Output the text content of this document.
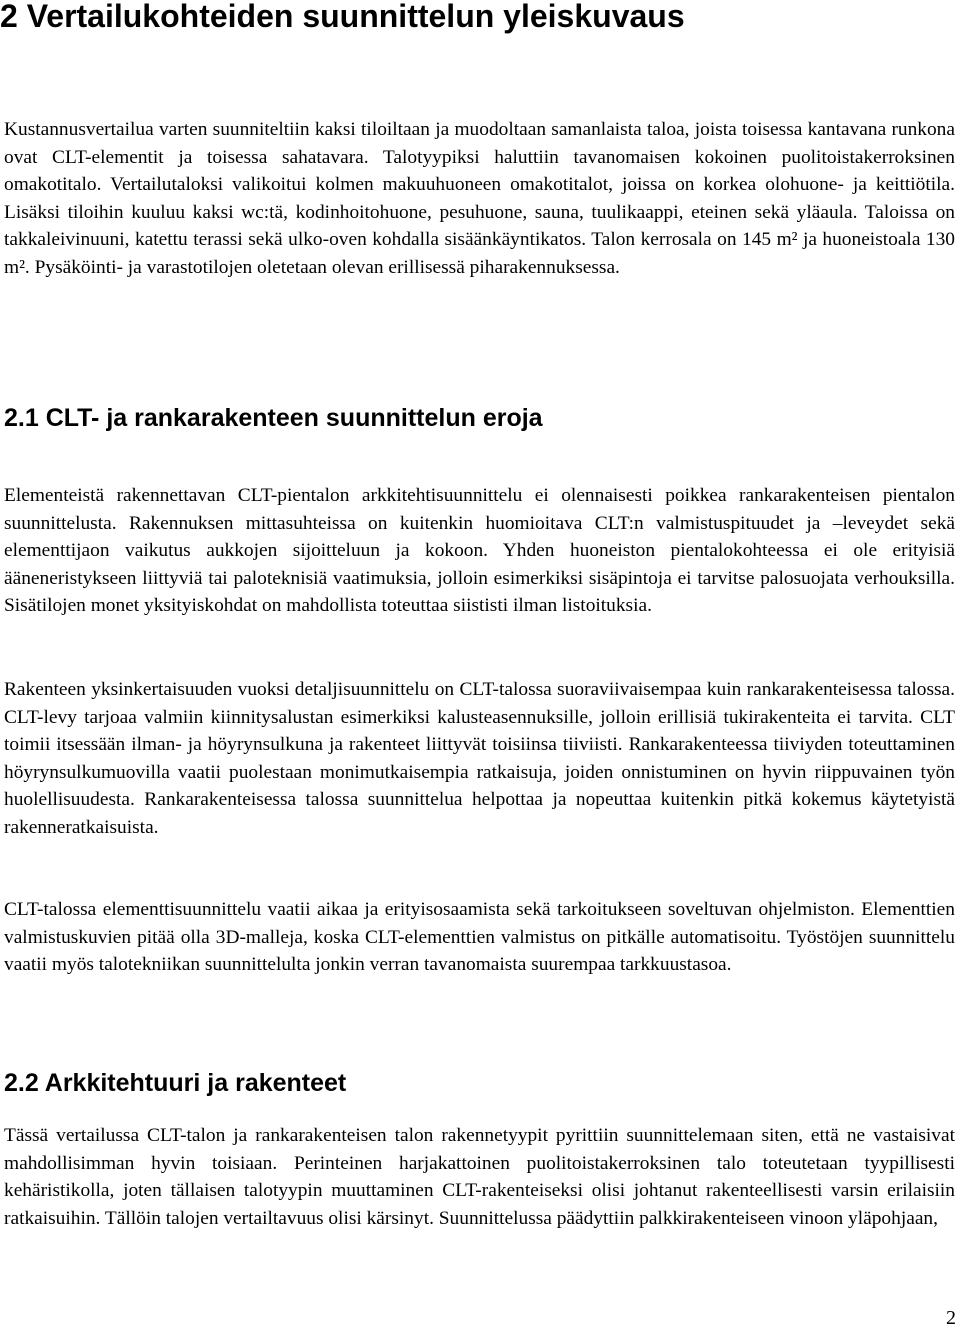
2 Vertailukohteiden suunnittelun yleiskuvaus

Kustannusvertailua varten suunniteltiin kaksi tiloiltaan ja muodoltaan samanlaista taloa, joista toisessa kantavana runkona ovat CLT-elementit ja toisessa sahatavara. Talotyypiksi haluttiin tavanomaisen kokoinen puolitoistakerroksinen omakotitalo. Vertailutaloksi valikoitui kolmen makuuhuoneen omakotitalot, joissa on korkea olohuone- ja keittiötila. Lisäksi tiloihin kuuluu kaksi wc:tä, kodinhoitohuone, pesuhuone, sauna, tuulikaappi, eteinen sekä yläaula. Taloissa on takkaleivinuuni, katettu terassi sekä ulko-oven kohdalla sisäänkäyntikatos. Talon kerrosala on 145 m² ja huoneistoala 130 m². Pysäköinti- ja varastotilojen oletetaan olevan erillisessä piharakennuksessa.

2.1 CLT- ja rankarakenteen suunnittelun eroja

Elementeistä rakennettavan CLT-pientalon arkkitehtisuunnittelu ei olennaisesti poikkea rankarakenteisen pientalon suunnittelusta. Rakennuksen mittasuhteissa on kuitenkin huomioitava CLT:n valmistuspituudet ja –leveydet sekä elementtijaon vaikutus aukkojen sijoitteluun ja kokoon. Yhden huoneiston pientalokohteessa ei ole erityisiä ääneneristykseen liittyviä tai paloteknisiä vaatimuksia, jolloin esimerkiksi sisäpintoja ei tarvitse palosuojata verhouksilla. Sisätilojen monet yksityiskohdat on mahdollista toteuttaa siististi ilman listoituksia.

Rakenteen yksinkertaisuuden vuoksi detaljisuunnittelu on CLT-talossa suoraviivaisempaa kuin rankarakenteisessa talossa. CLT-levy tarjoaa valmiin kiinnitysalustan esimerkiksi kalusteasennuksille, jolloin erillisiä tukirakenteita ei tarvita. CLT toimii itsessään ilman- ja höyrynsulkuna ja rakenteet liittyvät toisiinsa tiiviisti. Rankarakenteessa tiiviyden toteuttaminen höyrynsulkumuovilla vaatii puolestaan monimutkaisempia ratkaisuja, joiden onnistuminen on hyvin riippuvainen työn huolellisuudesta. Rankarakenteisessa talossa suunnittelua helpottaa ja nopeuttaa kuitenkin pitkä kokemus käytetyistä rakenneratkaisuista.

CLT-talossa elementtisuunnittelu vaatii aikaa ja erityisosaamista sekä tarkoitukseen soveltuvan ohjelmiston. Elementtien valmistuskuvien pitää olla 3D-malleja, koska CLT-elementtien valmistus on pitkälle automatisoitu. Työstöjen suunnittelu vaatii myös talotekniikan suunnittelulta jonkin verran tavanomaista suurempaa tarkkuustasoa.

2.2 Arkkitehtuuri ja rakenteet

Tässä vertailussa CLT-talon ja rankarakenteisen talon rakennetyypit pyrittiin suunnittelemaan siten, että ne vastaisivat mahdollisimman hyvin toisiaan. Perinteinen harjakattoinen puolitoistakerroksinen talo toteutetaan tyypillisesti kehäristikolla, joten tällaisen talotyypin muuttaminen CLT-rakenteiseksi olisi johtanut rakenteellisesti varsin erilaisiin ratkaisuihin. Tällöin talojen vertailtavuus olisi kärsinyt. Suunnittelussa päädyttiin palkkirakenteiseen vinoon yläpohjaan,

2
